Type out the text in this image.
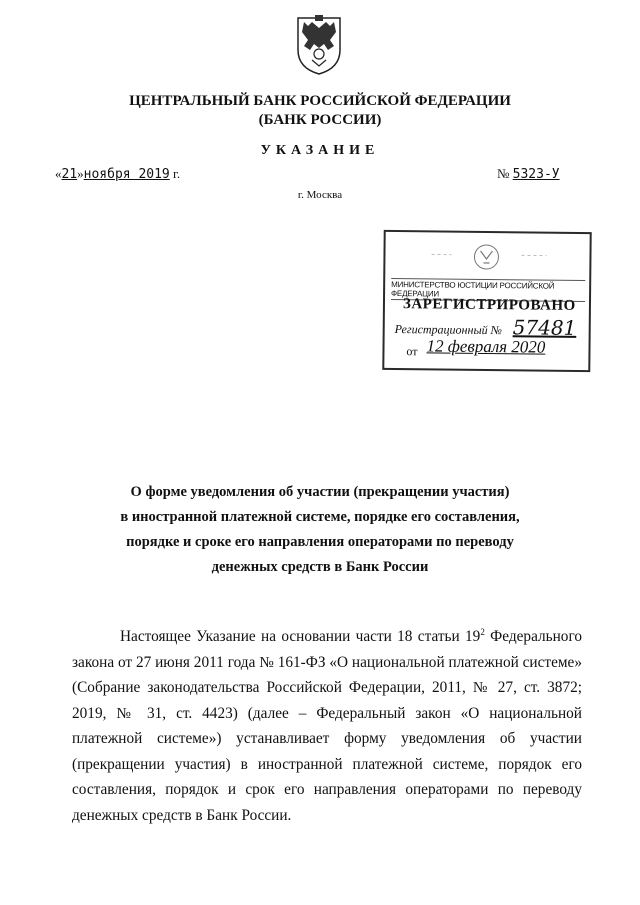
ЦЕНТРАЛЬНЫЙ БАНК РОССИЙСКОЙ ФЕДЕРАЦИИ
(БАНК РОССИИ)
УКАЗАНИЕ
«21»ноября 2019 г.	№ 5323-У
г. Москва
МИНИСТЕРСТВО ЮСТИЦИИ РОССИЙСКОЙ ФЕДЕРАЦИИ
ЗАРЕГИСТРИРОВАНО
Регистрационный № 57481
от 12 февраля 2020
О форме уведомления об участии (прекращении участия)
в иностранной платежной системе, порядке его составления,
порядке и сроке его направления операторами по переводу
денежных средств в Банк России
Настоящее Указание на основании части 18 статьи $19^2$ Федерального закона от 27 июня 2011 года № 161-ФЗ «О национальной платежной системе» (Собрание законодательства Российской Федерации, 2011, № 27, ст. 3872; 2019, № 31, ст. 4423) (далее – Федеральный закон «О национальной платежной системе») устанавливает форму уведомления об участии (прекращении участия) в иностранной платежной системе, порядок его составления, порядок и срок его направления операторами по переводу денежных средств в Банк России.
